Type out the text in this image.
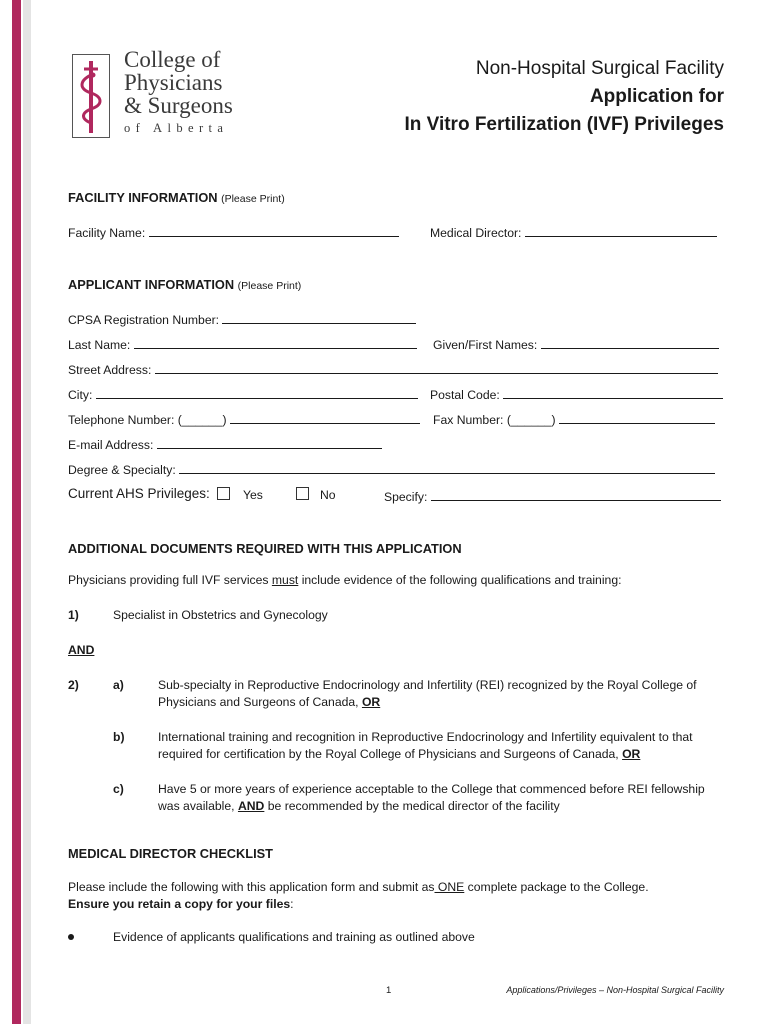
College of
Physicians
& Surgeons
of Alberta
Non-Hospital Surgical Facility
Application for
In Vitro Fertilization (IVF) Privileges
FACILITY INFORMATION (Please Print)
Facility Name:	Medical Director:
APPLICANT INFORMATION (Please Print)
CPSA Registration Number:
Last Name:	Given/First Names:
Street Address:
City:	Postal Code:
Telephone Number: (______)	Fax Number: (______)
E-mail Address:
Degree & Specialty:
Current AHS Privileges:	Yes	No	Specify:
ADDITIONAL DOCUMENTS REQUIRED WITH THIS APPLICATION
Physicians providing full IVF services must include evidence of the following qualifications and training:
1)	Specialist in Obstetrics and Gynecology
AND
2)	a)	Sub-specialty in Reproductive Endocrinology and Infertility (REI) recognized by the Royal College of Physicians and Surgeons of Canada, OR
b)	International training and recognition in Reproductive Endocrinology and Infertility equivalent to that required for certification by the Royal College of Physicians and Surgeons of Canada, OR
c)	Have 5 or more years of experience acceptable to the College that commenced before REI fellowship was available, AND be recommended by the medical director of the facility
MEDICAL DIRECTOR CHECKLIST
Please include the following with this application form and submit as ONE complete package to the College.
Ensure you retain a copy for your files:
Evidence of applicants qualifications and training as outlined above
1	Applications/Privileges – Non-Hospital Surgical Facility
